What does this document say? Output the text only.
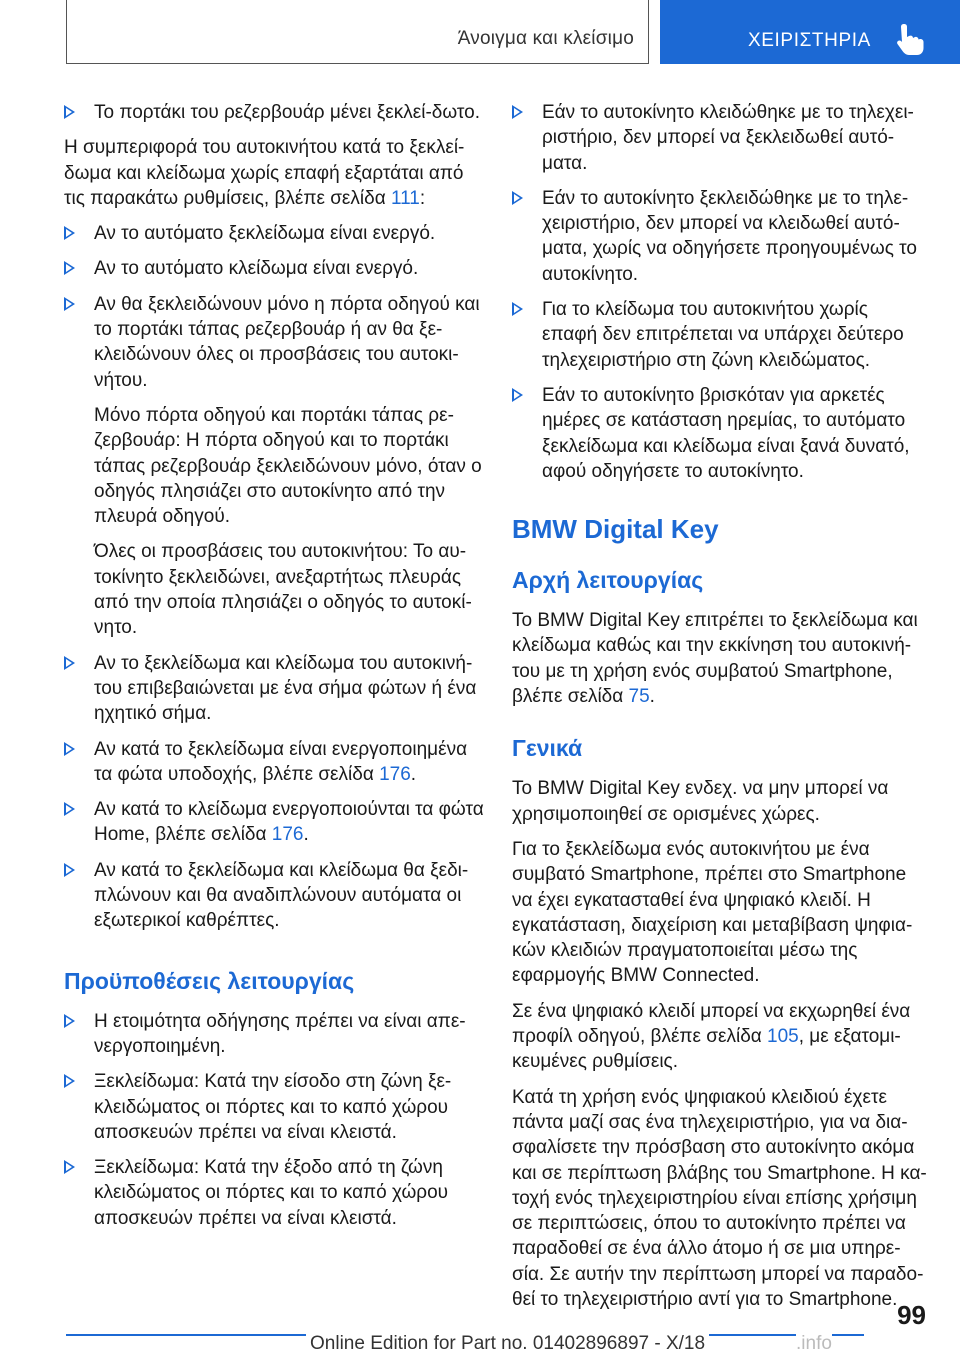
Άνοιγμα και κλείσιμο	ΧΕΙΡΙΣΤΗΡΙΑ
Το πορτάκι του ρεζερβουάρ μένει ξεκλεί-δωτο.
Η συμπεριφορά του αυτοκινήτου κατά το ξεκλεί-δωμα και κλείδωμα χωρίς επαφή εξαρτάται από τις παρακάτω ρυθμίσεις, βλέπε σελίδα 111:
Αν το αυτόματο ξεκλείδωμα είναι ενεργό.
Αν το αυτόματο κλείδωμα είναι ενεργό.
Αν θα ξεκλειδώνουν μόνο η πόρτα οδηγού και το πορτάκι τάπας ρεζερβουάρ ή αν θα ξε-κλειδώνουν όλες οι προσβάσεις του αυτοκι-νήτου.
Μόνο πόρτα οδηγού και πορτάκι τάπας ρε-ζερβουάρ: Η πόρτα οδηγού και το πορτάκι τάπας ρεζερβουάρ ξεκλειδώνουν μόνο, όταν ο οδηγός πλησιάζει στο αυτοκίνητο από την πλευρά οδηγού.
Όλες οι προσβάσεις του αυτοκινήτου: Το αυ-τοκίνητο ξεκλειδώνει, ανεξαρτήτως πλευράς από την οποία πλησιάζει ο οδηγός το αυτοκί-νητο.
Αν το ξεκλείδωμα και κλείδωμα του αυτοκινή-του επιβεβαιώνεται με ένα σήμα φώτων ή ένα ηχητικό σήμα.
Αν κατά το ξεκλείδωμα είναι ενεργοποιημένα τα φώτα υποδοχής, βλέπε σελίδα 176.
Αν κατά το κλείδωμα ενεργοποιούνται τα φώτα Home, βλέπε σελίδα 176.
Αν κατά το ξεκλείδωμα και κλείδωμα θα ξεδι-πλώνουν και θα αναδιπλώνουν αυτόματα οι εξωτερικοί καθρέπτες.
Προϋποθέσεις λειτουργίας
Η ετοιμότητα οδήγησης πρέπει να είναι απε-νεργοποιημένη.
Ξεκλείδωμα: Κατά την είσοδο στη ζώνη ξε-κλειδώματος οι πόρτες και το καπό χώρου αποσκευών πρέπει να είναι κλειστά.
Ξεκλείδωμα: Κατά την έξοδο από τη ζώνη κλειδώματος οι πόρτες και το καπό χώρου αποσκευών πρέπει να είναι κλειστά.
Εάν το αυτοκίνητο κλειδώθηκε με το τηλεχει-ριστήριο, δεν μπορεί να ξεκλειδωθεί αυτό-ματα.
Εάν το αυτοκίνητο ξεκλειδώθηκε με το τηλε-χειριστήριο, δεν μπορεί να κλειδωθεί αυτό-ματα, χωρίς να οδηγήσετε προηγουμένως το αυτοκίνητο.
Για το κλείδωμα του αυτοκινήτου χωρίς επαφή δεν επιτρέπεται να υπάρχει δεύτερο τηλεχειριστήριο στη ζώνη κλειδώματος.
Εάν το αυτοκίνητο βρισκόταν για αρκετές ημέρες σε κατάσταση ηρεμίας, το αυτόματο ξεκλείδωμα και κλείδωμα είναι ξανά δυνατό, αφού οδηγήσετε το αυτοκίνητο.
BMW Digital Key
Αρχή λειτουργίας
Το BMW Digital Key επιτρέπει το ξεκλείδωμα και κλείδωμα καθώς και την εκκίνηση του αυτοκινή-του με τη χρήση ενός συμβατού Smartphone, βλέπε σελίδα 75.
Γενικά
Το BMW Digital Key ενδεχ. να μην μπορεί να χρησιμοποιηθεί σε ορισμένες χώρες.
Για το ξεκλείδωμα ενός αυτοκινήτου με ένα συμβατό Smartphone, πρέπει στο Smartphone να έχει εγκατασταθεί ένα ψηφιακό κλειδί. Η εγκατάσταση, διαχείριση και μεταβίβαση ψηφια-κών κλειδιών πραγματοποιείται μέσω της εφαρμογής BMW Connected.
Σε ένα ψηφιακό κλειδί μπορεί να εκχωρηθεί ένα προφίλ οδηγού, βλέπε σελίδα 105, με εξατομι-κευμένες ρυθμίσεις.
Κατά τη χρήση ενός ψηφιακού κλειδιού έχετε πάντα μαζί σας ένα τηλεχειριστήριο, για να δια-σφαλίσετε την πρόσβαση στο αυτοκίνητο ακόμα και σε περίπτωση βλάβης του Smartphone. Η κα-τοχή ενός τηλεχειριστηρίου είναι επίσης χρήσιμη σε περιπτώσεις, όπου το αυτοκίνητο πρέπει να παραδοθεί σε ένα άλλο άτομο ή σε μια υπηρε-σία. Σε αυτήν την περίπτωση μπορεί να παραδο-θεί το τηλεχειριστήριο αντί για το Smartphone.
99
Online Edition for Part no. 01402896897 - X/18	.info
